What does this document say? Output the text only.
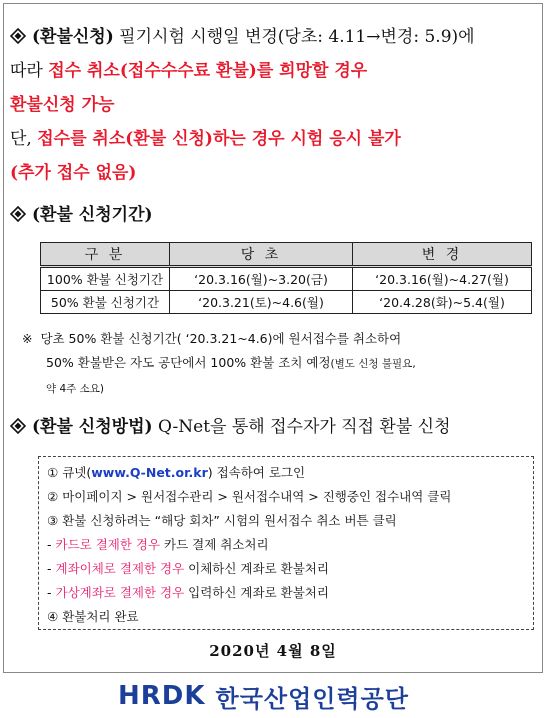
(환불신청) 필기시험 시행일 변경(당초: 4.11→변경: 5.9)에
따라 접수 취소(접수수수료 환불)를 희망할 경우
환불신청 가능
단, 접수를 취소(환불 신청)하는 경우 시험 응시 불가
(추가 접수 없음)
(환불 신청기간)
구 분	당 초	변 경
100% 환불 신청기간	‘20.3.16(월)~3.20(금)	‘20.3.16(월)~4.27(월)
50% 환불 신청기간	‘20.3.21(토)~4.6(월)	‘20.4.28(화)~5.4(월)
※ 당초 50% 환불 신청기간( ‘20.3.21~4.6)에 원서접수를 취소하여
50% 환불받은 자도 공단에서 100% 환불 조치 예정(별도 신청 불필요,
약 4주 소요)
(환불 신청방법) Q-Net을 통해 접수자가 직접 환불 신청
① 큐넷(www.Q-Net.or.kr) 접속하여 로그인
② 마이페이지 > 원서접수관리 > 원서접수내역 > 진행중인 접수내역 클릭
③ 환불 신청하려는 “해당 회차” 시험의 원서접수 취소 버튼 클릭
- 카드로 결제한 경우 카드 결제 취소처리
- 계좌이체로 결제한 경우 이체하신 계좌로 환불처리
- 가상계좌로 결제한 경우 입력하신 계좌로 환불처리
④ 환불처리 완료
2020년 4월 8일
HRDK 한국산업인력공단
